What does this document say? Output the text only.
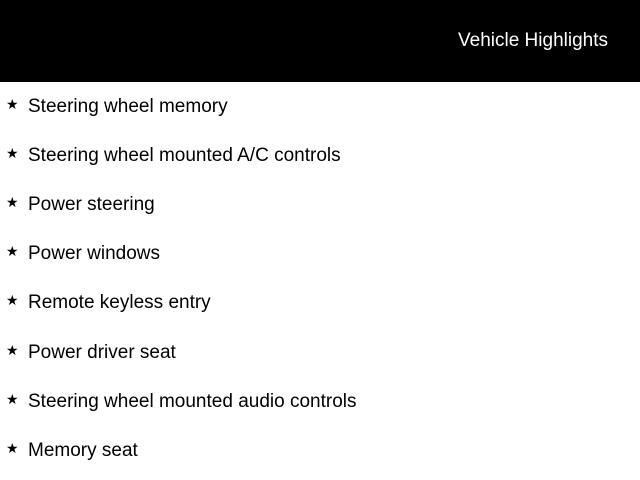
Vehicle Highlights
★ Steering wheel memory
★ Steering wheel mounted A/C controls
★ Power steering
★ Power windows
★ Remote keyless entry
★ Power driver seat
★ Steering wheel mounted audio controls
★ Memory seat
